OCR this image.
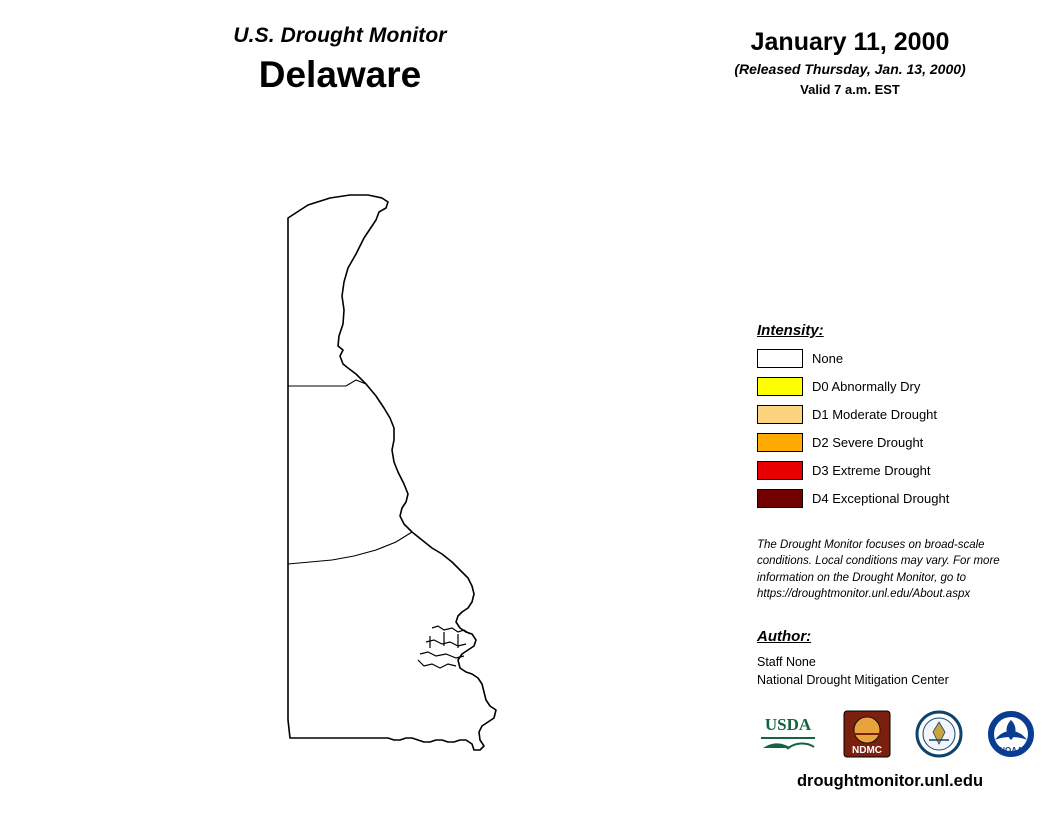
U.S. Drought Monitor
Delaware
January 11, 2000
(Released Thursday, Jan. 13, 2000)
Valid 7 a.m. EST
Intensity:
None
D0 Abnormally Dry
D1 Moderate Drought
D2 Severe Drought
D3 Extreme Drought
D4 Exceptional Drought
The Drought Monitor focuses on broad-scale conditions. Local conditions may vary. For more information on the Drought Monitor, go to https://droughtmonitor.unl.edu/About.aspx
Author:
Staff None
National Drought Mitigation Center
USDA
NDMC	NOAA
droughtmonitor.unl.edu
